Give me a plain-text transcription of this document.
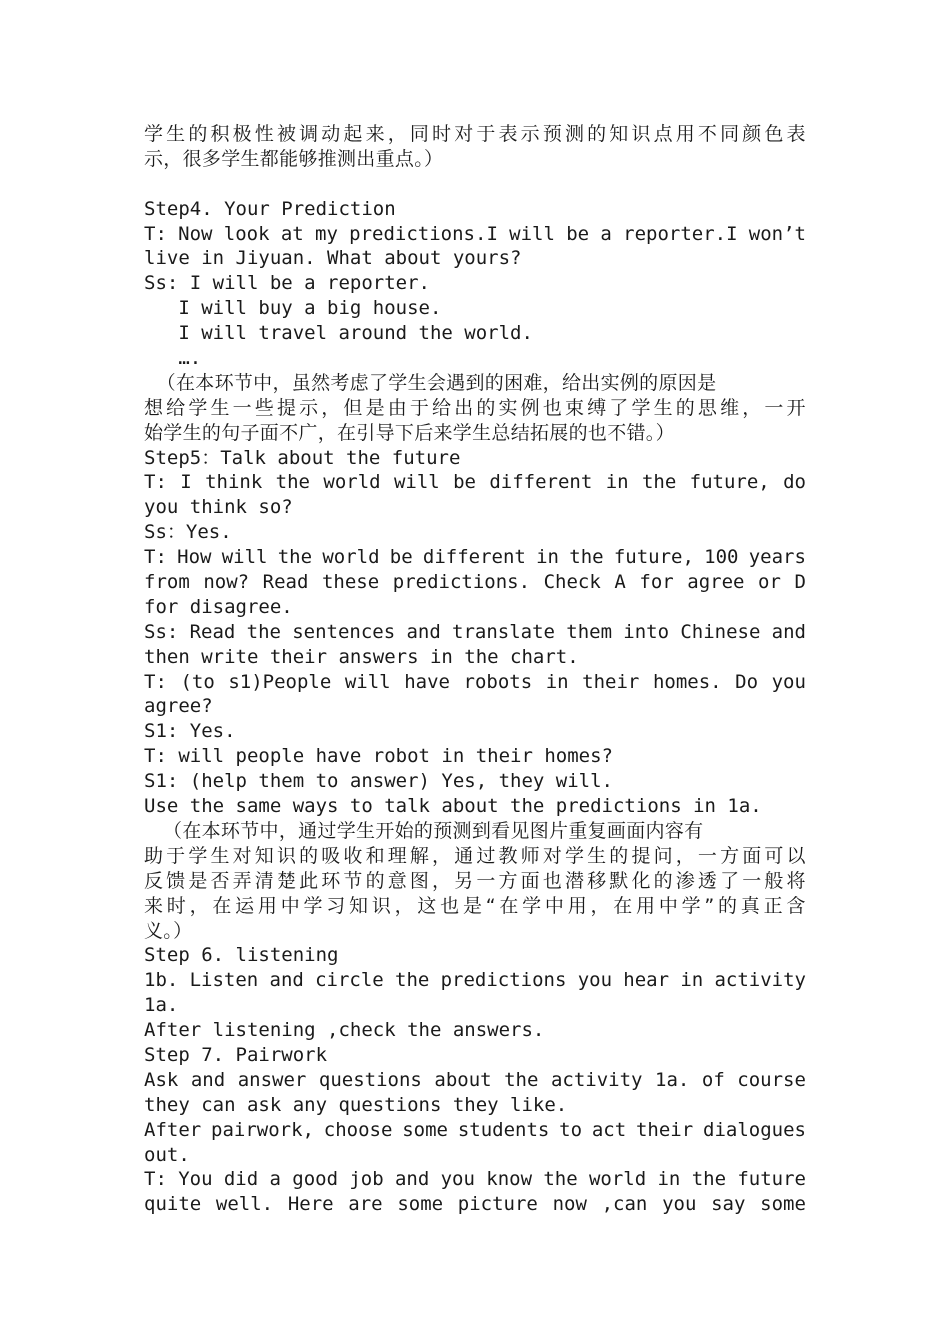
学 生 的 积 极 性 被 调 动 起 来 ， 同 时 对 于 表 示 预 测 的 知 识 点 用 不 同 颜 色 表
示，很多学生都能够推测出重点。）
Step4. Your Prediction
T: Now look at my predictions.I will be a reporter.I won’t
live in Jiyuan. What about yours?
Ss: I will be a reporter.
I will buy a big house.
I will travel around the world.
….
（在本环节中，虽然考虑了学生会遇到的困难，给出实例的原因是
想 给 学 生 一 些 提 示 ， 但 是 由 于 给 出 的 实 例 也 束 缚 了 学 生 的 思 维 ， 一 开
始学生的句子面不广，在引导下后来学生总结拓展的也不错。）
Step5：Talk about the future
T: I think the world will be different in the future, do
you think so?
Ss：Yes.
T: How will the world be different in the future, 100 years
from now? Read these predictions. Check A for agree or D
for disagree.
Ss: Read the sentences and translate them into Chinese and
then write their answers in the chart.
T: (to s1)People will have robots in their homes. Do you
agree?
S1: Yes.
T: will people have robot in their homes?
S1: (help them to answer) Yes, they will.
Use the same ways to talk about the predictions in 1a.
（在本环节中，通过学生开始的预测到看见图片重复画面内容有
助 于 学 生 对 知 识 的 吸 收 和 理 解 ， 通 过 教 师 对 学 生 的 提 问 ， 一 方 面 可 以
反 馈 是 否 弄 清 楚 此 环 节 的 意 图 ， 另 一 方 面 也 潜 移 默 化 的 渗 透 了 一 般 将
来 时 ， 在 运 用 中 学 习 知 识 ， 这 也 是 “ 在 学 中 用 ， 在 用 中 学 ” 的 真 正 含
义。）
Step 6. listening
1b. Listen and circle the predictions you hear in activity
1a.
After listening ,check the answers.
Step 7. Pairwork
Ask and answer questions about the activity 1a. of course
they can ask any questions they like.
After pairwork, choose some students to act their dialogues
out.
T: You did a good job and you know the world in the future
quite well. Here are some picture now ,can you say some
